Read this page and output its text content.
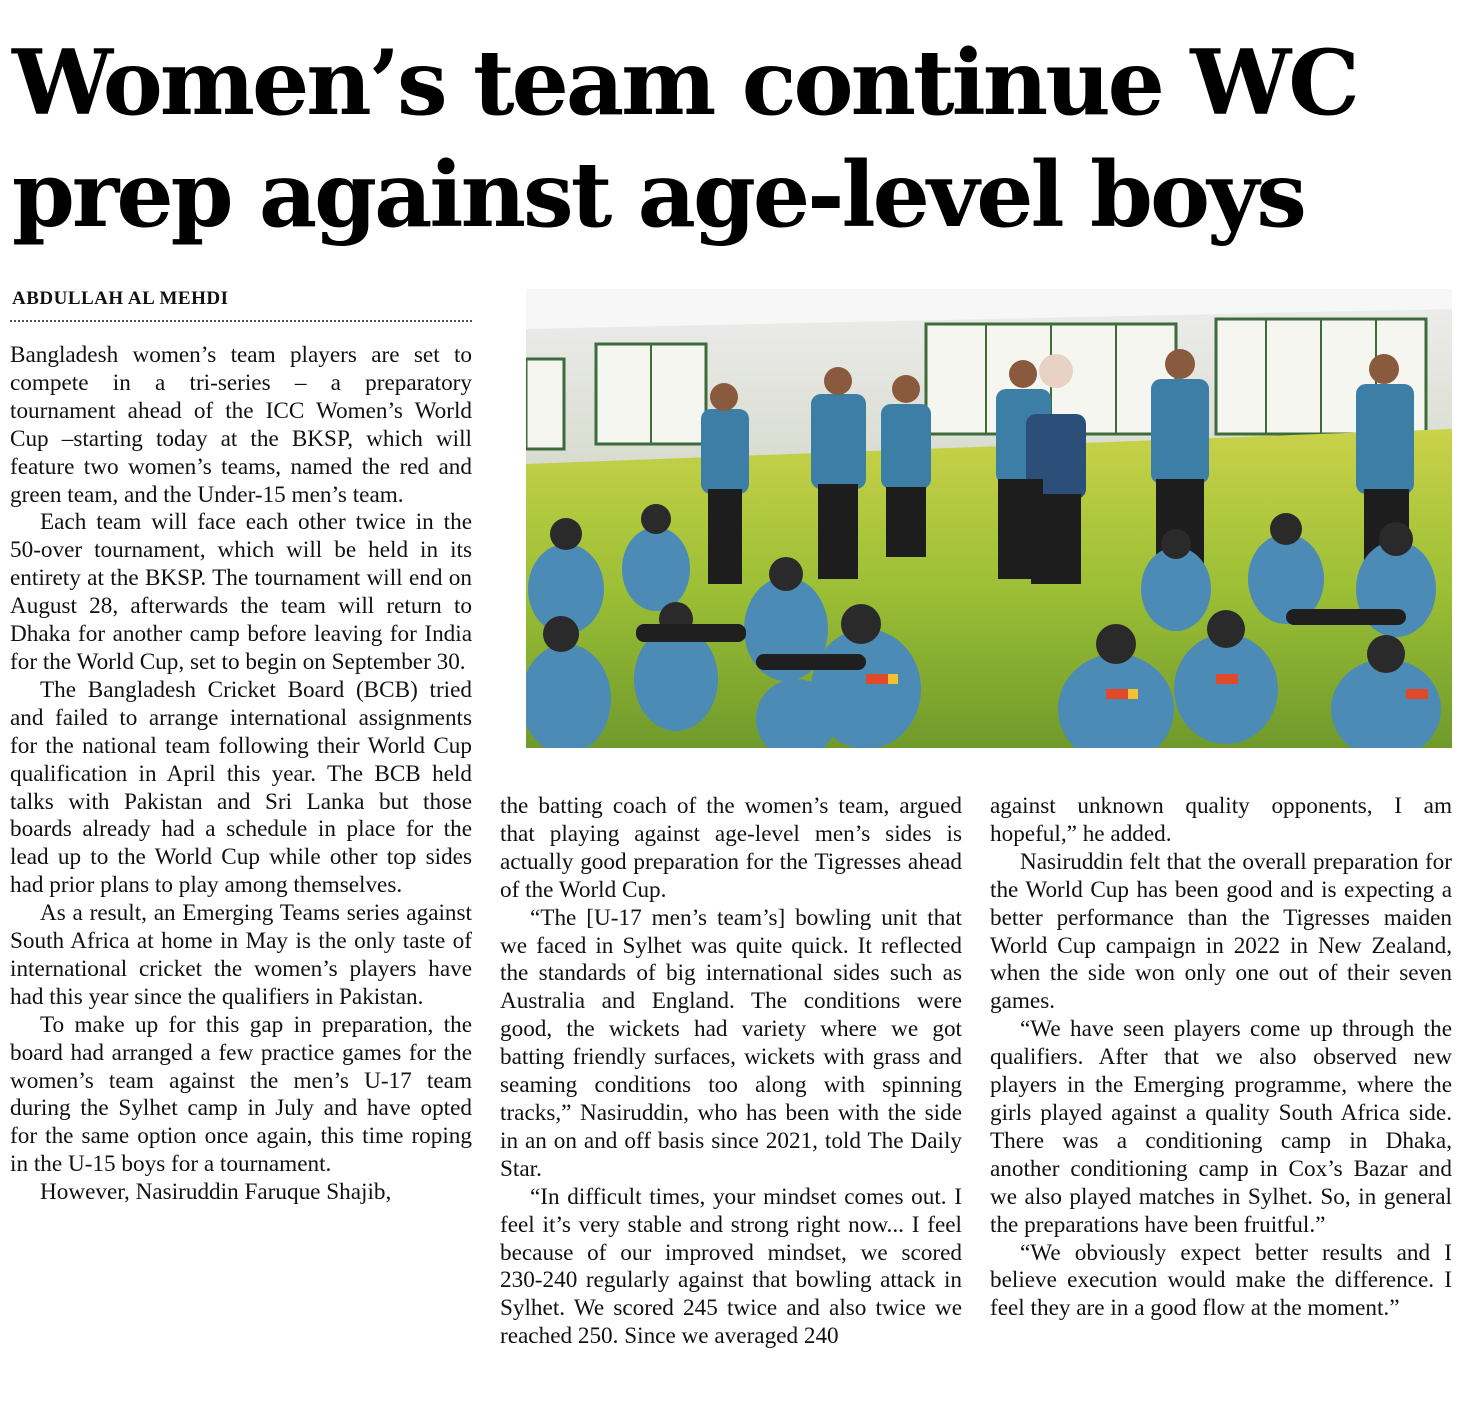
Women’s team continue WC
prep against age-level boys
ABDULLAH AL MEHDI

Bangladesh women’s team players are set to compete in a tri-series – a preparatory tournament ahead of the ICC Women’s World Cup –starting today at the BKSP, which will feature two women’s teams, named the red and green team, and the Under-15 men’s team.

Each team will face each other twice in the 50-over tournament, which will be held in its entirety at the BKSP. The tournament will end on August 28, afterwards the team will return to Dhaka for another camp before leaving for India for the World Cup, set to begin on September 30.

The Bangladesh Cricket Board (BCB) tried and failed to arrange international assignments for the national team following their World Cup qualification in April this year. The BCB held talks with Pakistan and Sri Lanka but those boards already had a schedule in place for the lead up to the World Cup while other top sides had prior plans to play among themselves.

As a result, an Emerging Teams series against South Africa at home in May is the only taste of international cricket the women’s players have had this year since the qualifiers in Pakistan.

To make up for this gap in preparation, the board had arranged a few practice games for the women’s team against the men’s U-17 team during the Sylhet camp in July and have opted for the same option once again, this time roping in the U-15 boys for a tournament.

However, Nasiruddin Faruque Shajib,

the batting coach of the women’s team, argued that playing against age-level men’s sides is actually good preparation for the Tigresses ahead of the World Cup.

“The [U-17 men’s team’s] bowling unit that we faced in Sylhet was quite quick. It reflected the standards of big international sides such as Australia and England. The conditions were good, the wickets had variety where we got batting friendly surfaces, wickets with grass and seaming conditions too along with spinning tracks,” Nasiruddin, who has been with the side in an on and off basis since 2021, told The Daily Star.

“In difficult times, your mindset comes out. I feel it’s very stable and strong right now... I feel because of our improved mindset, we scored 230-240 regularly against that bowling attack in Sylhet. We scored 245 twice and also twice we reached 250. Since we averaged 240

against unknown quality opponents, I am hopeful,” he added.

Nasiruddin felt that the overall preparation for the World Cup has been good and is expecting a better performance than the Tigresses maiden World Cup campaign in 2022 in New Zealand, when the side won only one out of their seven games.

“We have seen players come up through the qualifiers. After that we also observed new players in the Emerging programme, where the girls played against a quality South Africa side. There was a conditioning camp in Dhaka, another conditioning camp in Cox’s Bazar and we also played matches in Sylhet. So, in general the preparations have been fruitful.”

“We obviously expect better results and I believe execution would make the difference. I feel they are in a good flow at the moment.”
